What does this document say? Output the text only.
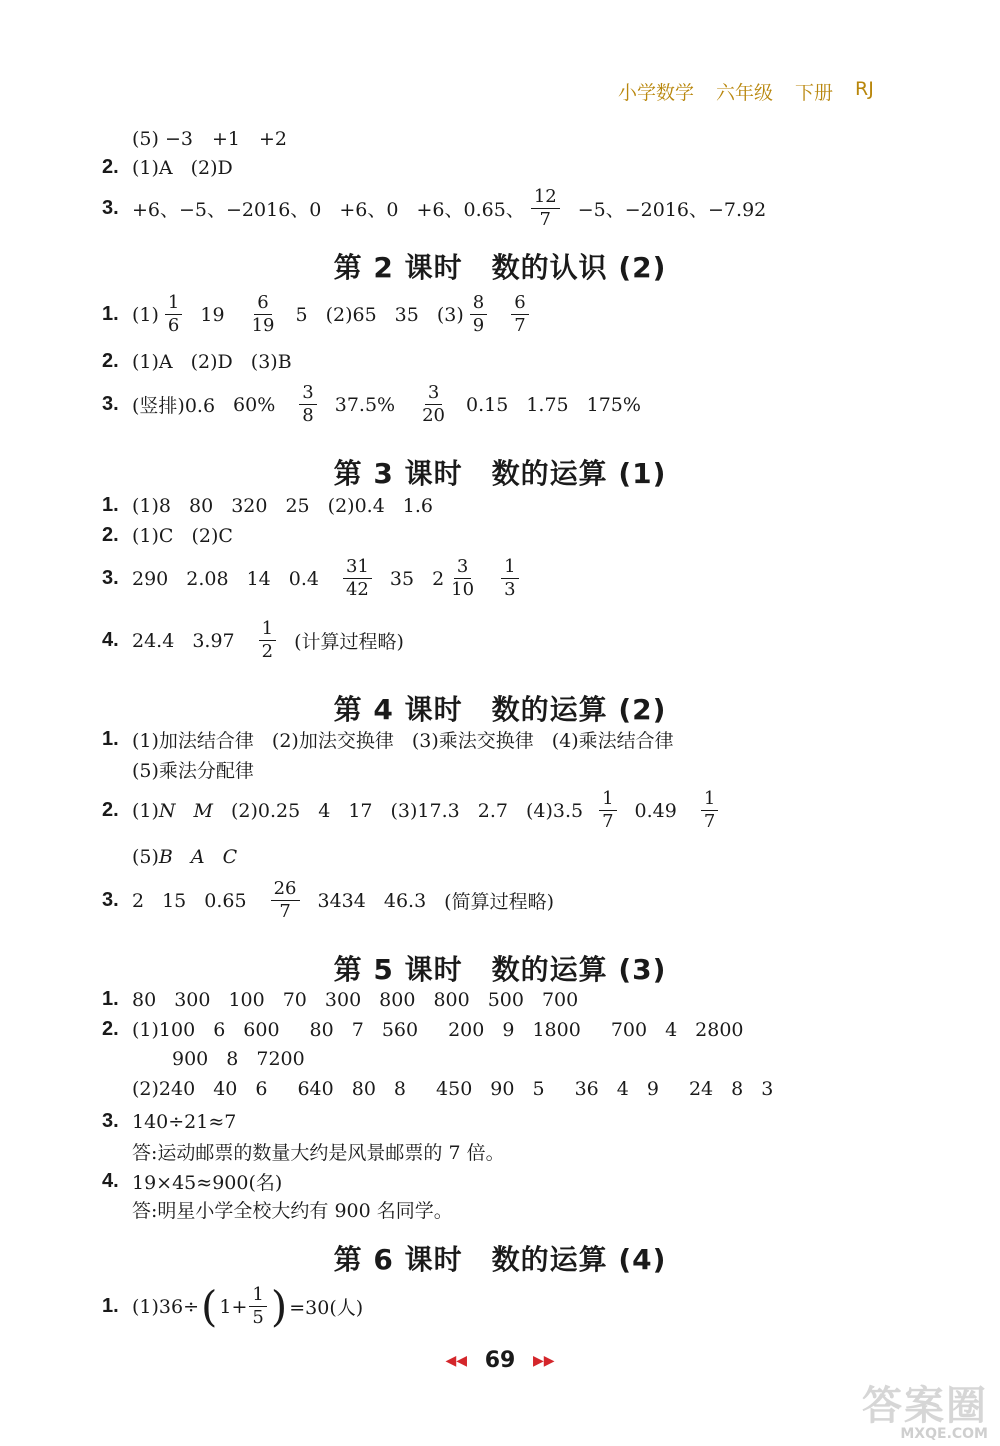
小学数学 六年级 下册 RJ
(5) −3　+1　+2
2. (1)A (2)D
3. +6、−5、−2016、0 +6、0 +6、0.65、 $\frac{12}{7} -5$、−2016、−7.92
第 2 课时　数的认识 (2)
1. $(1) \frac{1}{6} 19 \frac{6}{19} 5$ (2)65 35 $(3) \frac{8}{9} \frac{6}{7}$
2. (1)A (2)D (3)B
3. (竖排)0.6 $60\% \frac{3}{8} 37.5\% \frac{3}{20} 0.15$ 1.75 175%
第 3 课时　数的运算 (1)
1. (1)8 80 320 25 (2)0.4 1.6
2. (1)C (2)C
3. 290 2.08 14 $0.4 \frac{31}{42} 35$ $2 \frac{3}{10} \frac{1}{3}$
4. 24.4 $3.97 \frac{1}{2}$ (计算过程略)
第 4 课时　数的运算 (2)
1. (1)加法结合律 (2)加法交换律 (3)乘法交换律 (4)乘法结合律
(5)乘法分配律
2. (1) N M (2)0.25 4 17 (3)17.3 2.7 $(4)3.5 \frac{1}{7} 0.49 \frac{1}{7}$
(5) B A C
3. 2 15 $0.65 \frac{26}{7} 3434$ 46.3 (简算过程略)
第 5 课时　数的运算 (3)
1. 80 300 100 70 300 800 800 500 700
2. (1)100 6 600 80 7 560 200 9 1800 700 4 2800
900 8 7200
(2)240 40 6 640 80 8 450 90 5 36 4 9 24 8 3
3. 140÷21≈7
答:运动邮票的数量大约是风景邮票的 7 倍。
4. 19×45≈900(名)
答:明星小学全校大约有 900 名同学。
第 6 课时　数的运算 (4)
1. (1)36÷ ( $1+ \frac{1}{5}$ ) =30(人)
◀◀ 69 ▶▶
答案圈
MXQE.COM
